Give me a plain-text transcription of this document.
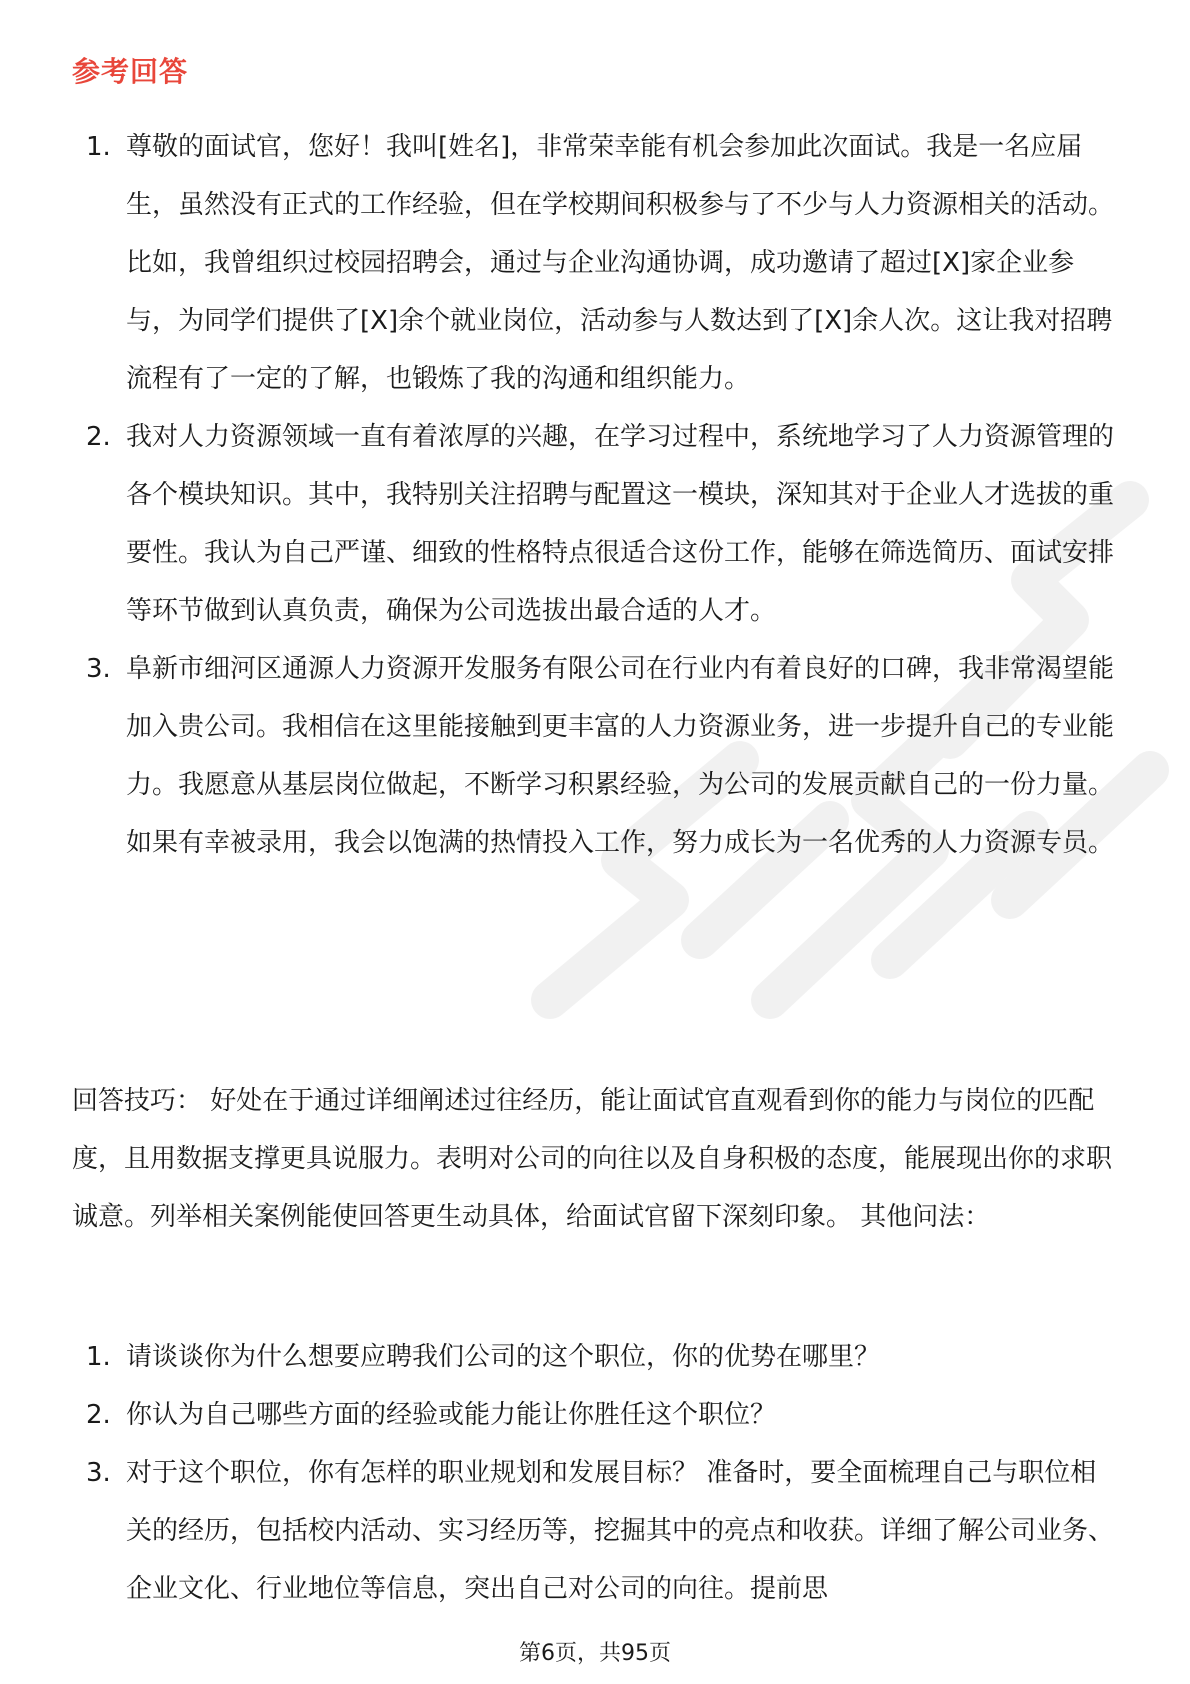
参考回答
1. 尊敬的面试官，您好！我叫[姓名]，非常荣幸能有机会参加此次面试。我是一名应届生，虽然没有正式的工作经验，但在学校期间积极参与了不少与人力资源相关的活动。比如，我曾组织过校园招聘会，通过与企业沟通协调，成功邀请了超过[X]家企业参与，为同学们提供了[X]余个就业岗位，活动参与人数达到了[X]余人次。这让我对招聘流程有了一定的了解，也锻炼了我的沟通和组织能力。
2. 我对人力资源领域一直有着浓厚的兴趣，在学习过程中，系统地学习了人力资源管理的各个模块知识。其中，我特别关注招聘与配置这一模块，深知其对于企业人才选拔的重要性。我认为自己严谨、细致的性格特点很适合这份工作，能够在筛选简历、面试安排等环节做到认真负责，确保为公司选拔出最合适的人才。
3. 阜新市细河区通源人力资源开发服务有限公司在行业内有着良好的口碑，我非常渴望能加入贵公司。我相信在这里能接触到更丰富的人力资源业务，进一步提升自己的专业能力。我愿意从基层岗位做起，不断学习积累经验，为公司的发展贡献自己的一份力量。如果有幸被录用，我会以饱满的热情投入工作，努力成长为一名优秀的人力资源专员。
回答技巧： 好处在于通过详细阐述过往经历，能让面试官直观看到你的能力与岗位的匹配度，且用数据支撑更具说服力。表明对公司的向往以及自身积极的态度，能展现出你的求职诚意。列举相关案例能使回答更生动具体，给面试官留下深刻印象。 其他问法：
1. 请谈谈你为什么想要应聘我们公司的这个职位，你的优势在哪里？
2. 你认为自己哪些方面的经验或能力能让你胜任这个职位？
3. 对于这个职位，你有怎样的职业规划和发展目标？ 准备时，要全面梳理自己与职位相关的经历，包括校内活动、实习经历等，挖掘其中的亮点和收获。详细了解公司业务、企业文化、行业地位等信息，突出自己对公司的向往。提前思
第6页，共95页
